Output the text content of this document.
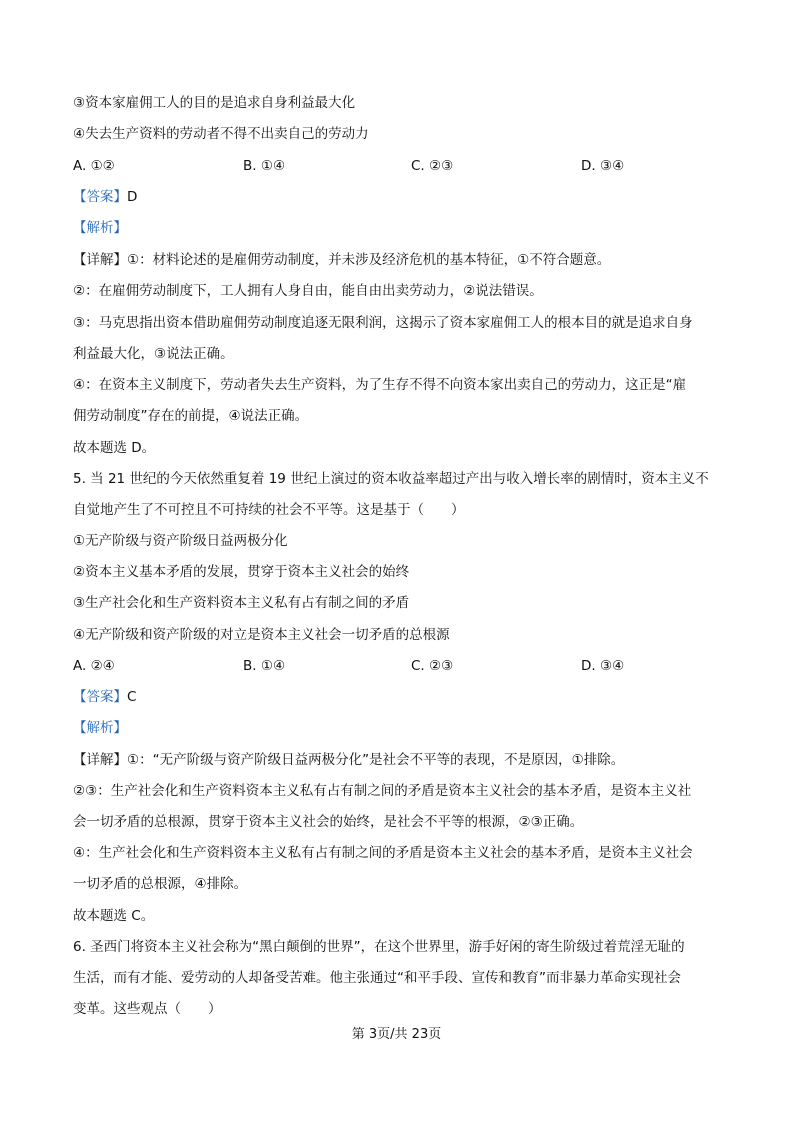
③资本家雇佣工人的目的是追求自身利益最大化
④失去生产资料的劳动者不得不出卖自己的劳动力
A. ①②	B. ①④	C. ②③	D. ③④
【答案】D
【解析】
【详解】①：材料论述的是雇佣劳动制度，并未涉及经济危机的基本特征，①不符合题意。
②：在雇佣劳动制度下，工人拥有人身自由，能自由出卖劳动力，②说法错误。
③：马克思指出资本借助雇佣劳动制度追逐无限利润，这揭示了资本家雇佣工人的根本目的就是追求自身
利益最大化，③说法正确。
④：在资本主义制度下，劳动者失去生产资料，为了生存不得不向资本家出卖自己的劳动力，这正是“雇
佣劳动制度”存在的前提，④说法正确。
故本题选 D。
5. 当 21 世纪的今天依然重复着 19 世纪上演过的资本收益率超过产出与收入增长率的剧情时，资本主义不
自觉地产生了不可控且不可持续的社会不平等。这是基于（　　）
①无产阶级与资产阶级日益两极分化
②资本主义基本矛盾的发展，贯穿于资本主义社会的始终
③生产社会化和生产资料资本主义私有占有制之间的矛盾
④无产阶级和资产阶级的对立是资本主义社会一切矛盾的总根源
A. ②④	B. ①④	C. ②③	D. ③④
【答案】C
【解析】
【详解】①：“无产阶级与资产阶级日益两极分化”是社会不平等的表现，不是原因，①排除。
②③：生产社会化和生产资料资本主义私有占有制之间的矛盾是资本主义社会的基本矛盾，是资本主义社
会一切矛盾的总根源，贯穿于资本主义社会的始终，是社会不平等的根源，②③正确。
④：生产社会化和生产资料资本主义私有占有制之间的矛盾是资本主义社会的基本矛盾，是资本主义社会
一切矛盾的总根源，④排除。
故本题选 C。
6. 圣西门将资本主义社会称为“黑白颠倒的世界”，在这个世界里，游手好闲的寄生阶级过着荒淫无耻的
生活，而有才能、爱劳动的人却备受苦难。他主张通过“和平手段、宣传和教育”而非暴力革命实现社会
变革。这些观点（　　）
第 3页/共 23页
